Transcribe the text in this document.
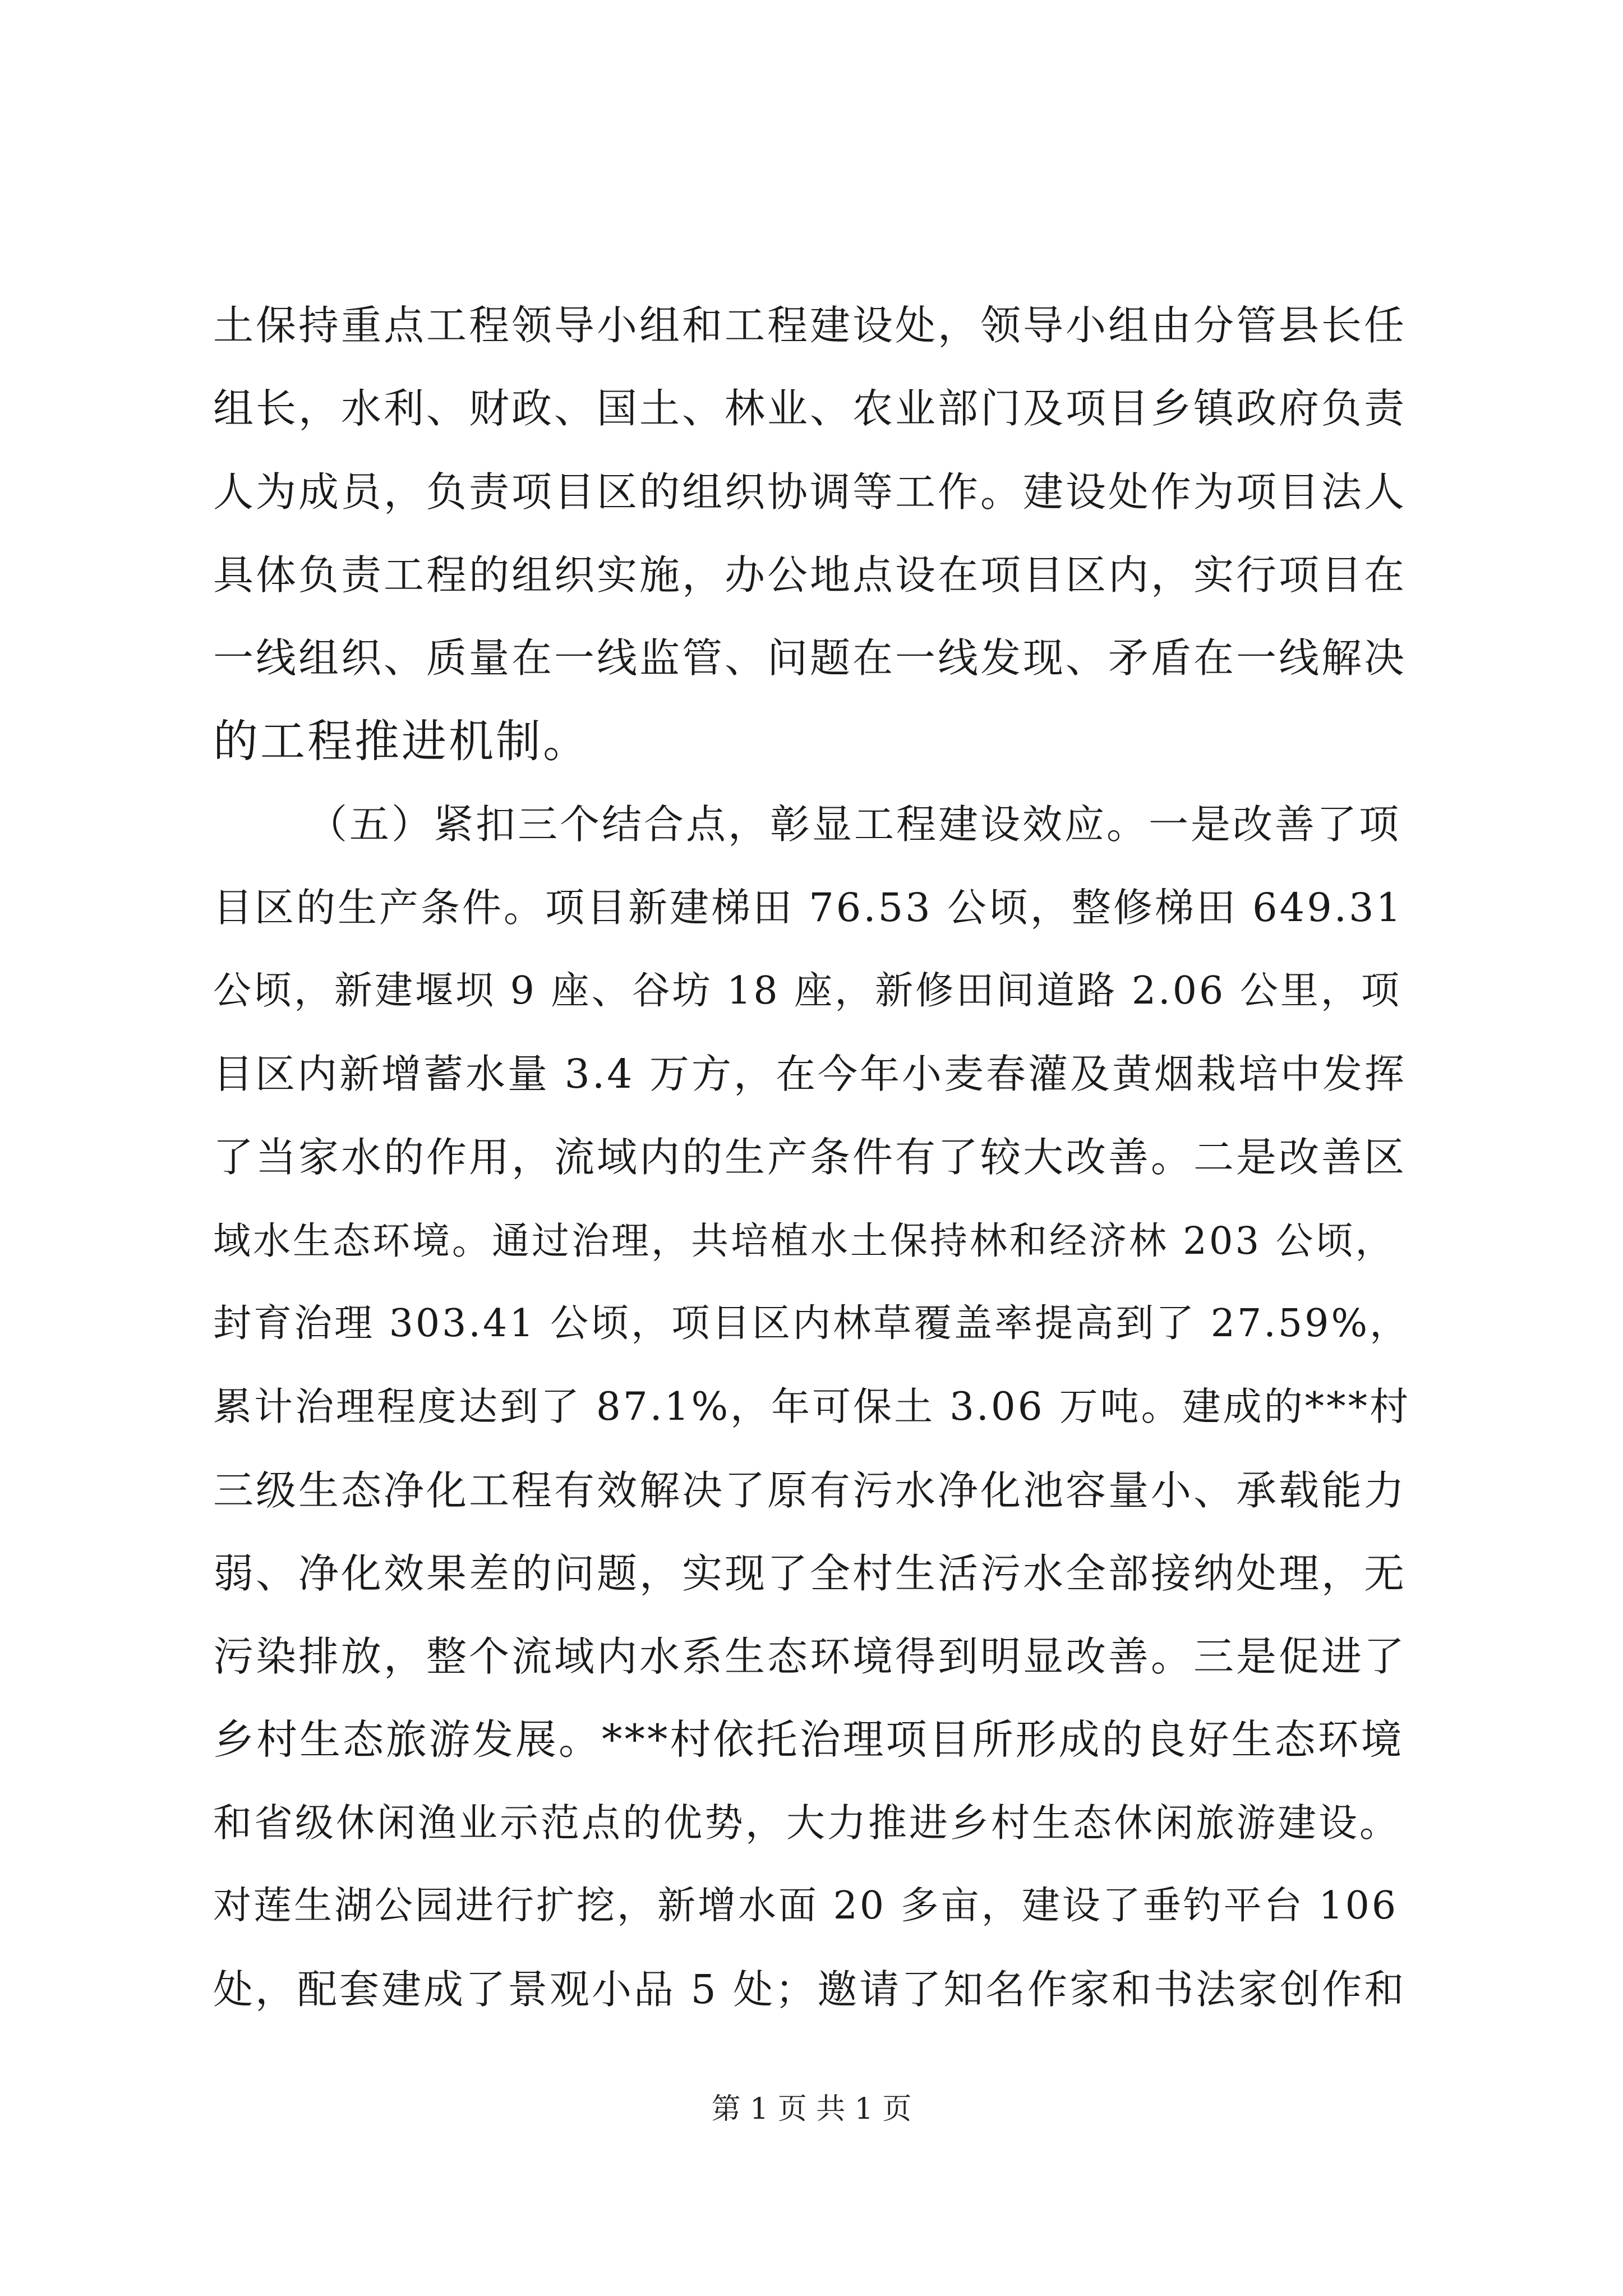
土保持重点工程领导小组和工程建设处，领导小组由分管县长任
组长，水利、财政、国土、林业、农业部门及项目乡镇政府负责
人为成员，负责项目区的组织协调等工作。建设处作为项目法人
具体负责工程的组织实施，办公地点设在项目区内，实行项目在
一线组织、质量在一线监管、问题在一线发现、矛盾在一线解决
的工程推进机制。
（五）紧扣三个结合点，彰显工程建设效应。一是改善了项
目区的生产条件。项目新建梯田 76.53 公顷，整修梯田 649.31
公顷，新建堰坝 9 座、谷坊 18 座，新修田间道路 2.06 公里，项
目区内新增蓄水量 3.4 万方，在今年小麦春灌及黄烟栽培中发挥
了当家水的作用，流域内的生产条件有了较大改善。二是改善区
域水生态环境。通过治理，共培植水土保持林和经济林 203 公顷，
封育治理 303.41 公顷，项目区内林草覆盖率提高到了 27.59%，
累计治理程度达到了 87.1%，年可保土 3.06 万吨。建成的***村
三级生态净化工程有效解决了原有污水净化池容量小、承载能力
弱、净化效果差的问题，实现了全村生活污水全部接纳处理，无
污染排放，整个流域内水系生态环境得到明显改善。三是促进了
乡村生态旅游发展。***村依托治理项目所形成的良好生态环境
和省级休闲渔业示范点的优势，大力推进乡村生态休闲旅游建设。
对莲生湖公园进行扩挖，新增水面 20 多亩，建设了垂钓平台 106
处，配套建成了景观小品 5 处；邀请了知名作家和书法家创作和
第 1 页 共 1 页
